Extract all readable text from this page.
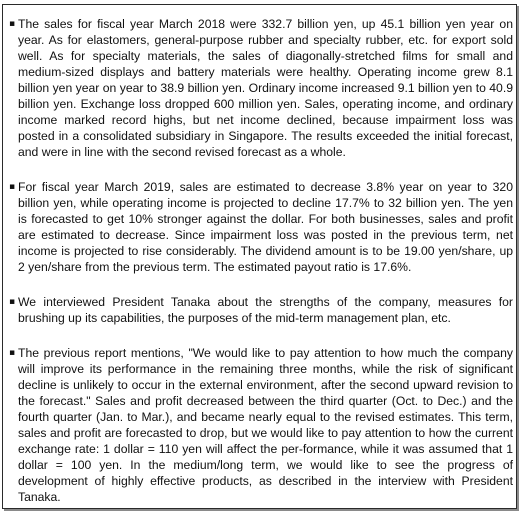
▪ The sales for fiscal year March 2018 were 332.7 billion yen, up 45.1 billion yen year on year. As for elastomers, general-purpose rubber and specialty rubber, etc. for export sold well. As for specialty materials, the sales of diagonally-stretched films for small and medium-sized displays and battery materials were healthy. Operating income grew 8.1 billion yen year on year to 38.9 billion yen. Ordinary income increased 9.1 billion yen to 40.9 billion yen. Exchange loss dropped 600 million yen. Sales, operating income, and ordinary income marked record highs, but net income declined, because impairment loss was posted in a consolidated subsidiary in Singapore. The results exceeded the initial forecast, and were in line with the second revised forecast as a whole.
▪ For fiscal year March 2019, sales are estimated to decrease 3.8% year on year to 320 billion yen, while operating income is projected to decline 17.7% to 32 billion yen. The yen is forecasted to get 10% stronger against the dollar. For both businesses, sales and profit are estimated to decrease. Since impairment loss was posted in the previous term, net income is projected to rise considerably. The dividend amount is to be 19.00 yen/share, up 2 yen/share from the previous term. The estimated payout ratio is 17.6%.
▪ We interviewed President Tanaka about the strengths of the company, measures for brushing up its capabilities, the purposes of the mid-term management plan, etc.
▪ The previous report mentions, "We would like to pay attention to how much the company will improve its performance in the remaining three months, while the risk of significant decline is unlikely to occur in the external environment, after the second upward revision to the forecast." Sales and profit decreased between the third quarter (Oct. to Dec.) and the fourth quarter (Jan. to Mar.), and became nearly equal to the revised estimates. This term, sales and profit are forecasted to drop, but we would like to pay attention to how the current exchange rate: 1 dollar = 110 yen will affect the per-formance, while it was assumed that 1 dollar = 100 yen. In the medium/long term, we would like to see the progress of development of highly effective products, as described in the interview with President Tanaka.
